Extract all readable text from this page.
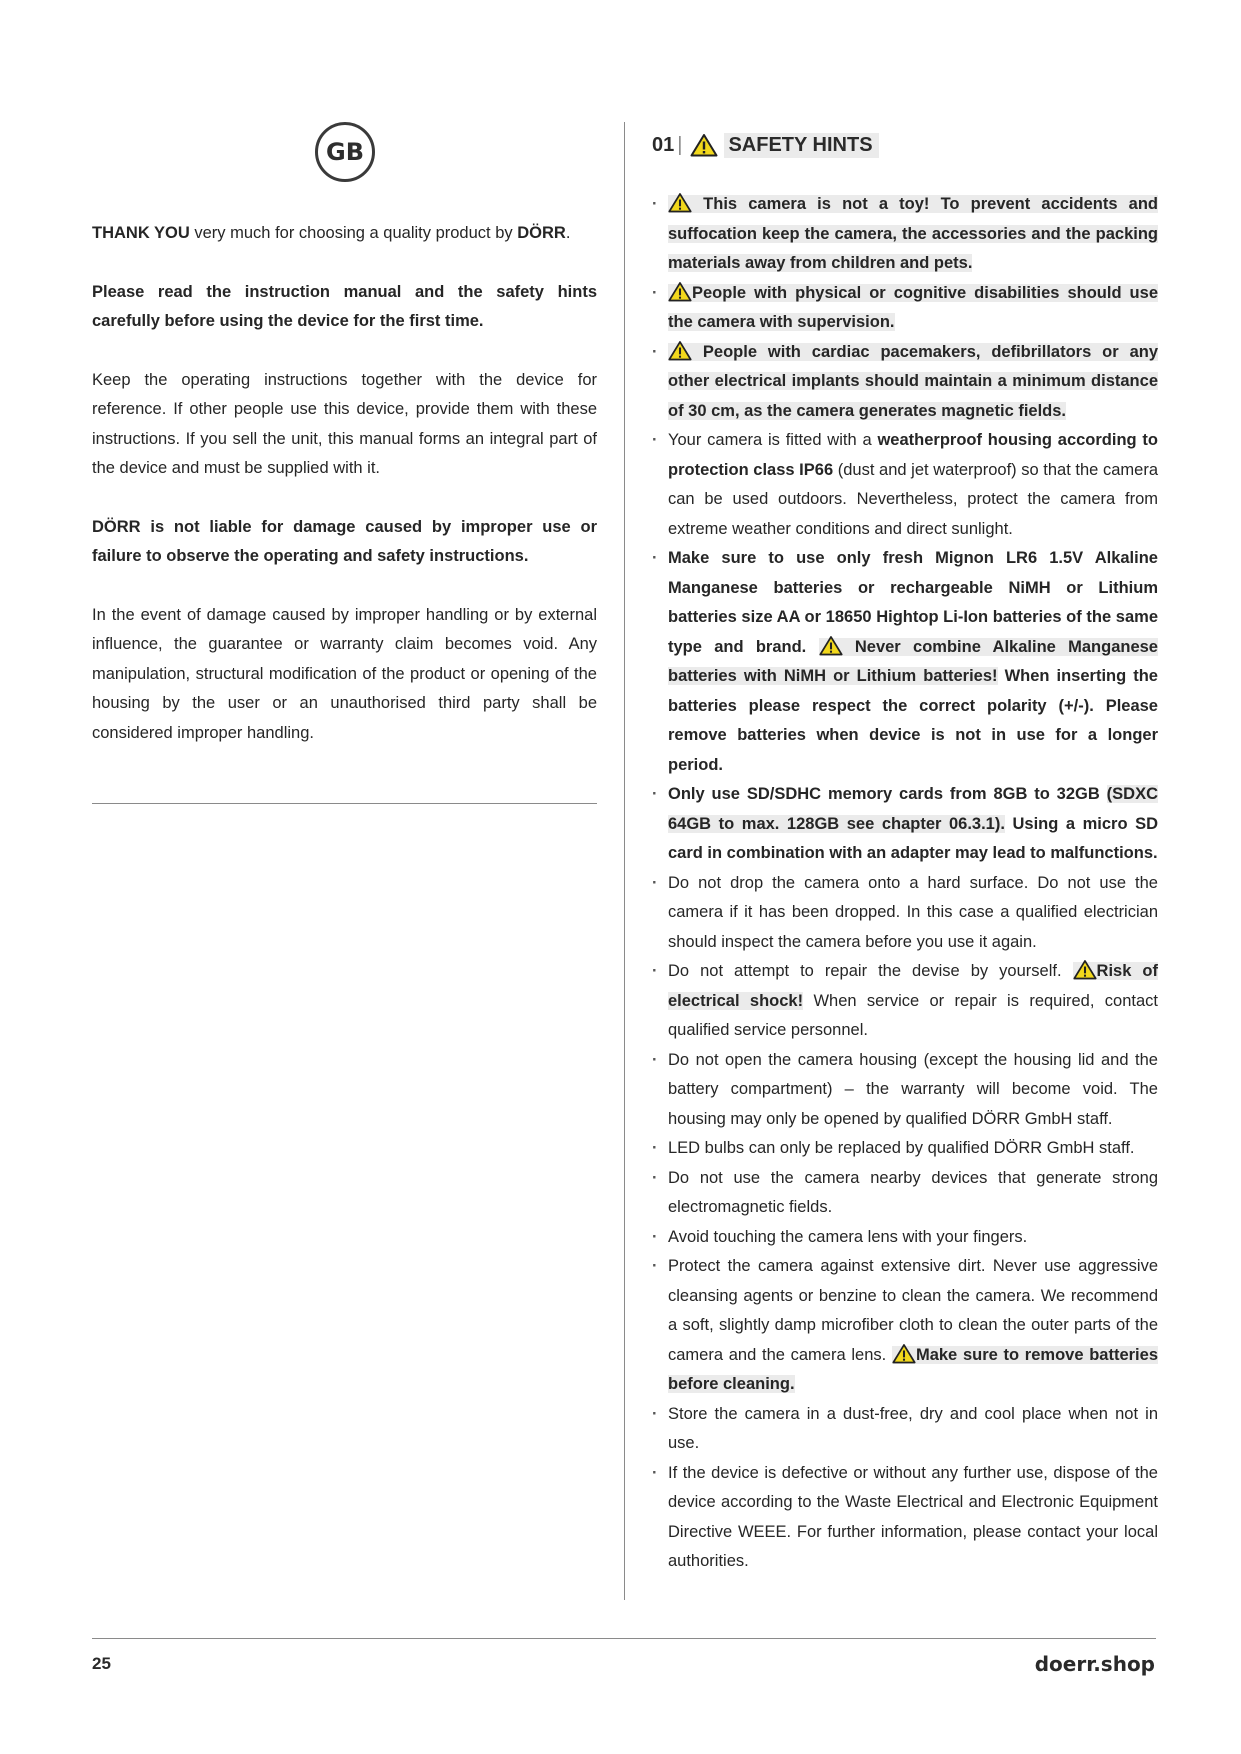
GB

THANK YOU very much for choosing a quality product by DÖRR.

Please read the instruction manual and the safety hints carefully before using the device for the first time.

Keep the operating instructions together with the device for reference. If other people use this device, provide them with these instructions. If you sell the unit, this manual forms an integral part of the device and must be supplied with it.

DÖRR is not liable for damage caused by improper use or failure to observe the operating and safety instructions.

In the event of damage caused by improper handling or by external influence, the guarantee or warranty claim becomes void. Any manipulation, structural modification of the product or opening of the housing by the user or an unauthorised third party shall be considered improper handling.

01 | SAFETY HINTS
·
This camera is not a toy! To prevent accidents and suffocation keep the camera, the accessories and the packing materials away from children and pets.
·
People with physical or cognitive disabilities should use the camera with supervision.
·
People with cardiac pacemakers, defibrillators or any other electrical implants should maintain a minimum distance of 30 cm, as the camera generates magnetic fields.
· Your camera is fitted with a weatherproof housing according to protection class IP66 (dust and jet waterproof) so that the camera can be used outdoors. Nevertheless, protect the camera from extreme weather conditions and direct sunlight.
· Make sure to use only fresh Mignon LR6 1.5V Alkaline Manganese batteries or rechargeable NiMH or Lithium batteries size AA or 18650 Hightop Li-Ion batteries of the same type and brand.
Never combine Alkaline Manganese batteries with NiMH or Lithium batteries! When inserting the batteries please respect the correct polarity (+/-). Please remove batteries when device is not in use for a longer period.
· Only use SD/SDHC memory cards from 8GB to 32GB (SDXC 64GB to max. 128GB see chapter 06.3.1). Using a micro SD card in combination with an adapter may lead to malfunctions.
· Do not drop the camera onto a hard surface. Do not use the camera if it has been dropped. In this case a qualified electrician should inspect the camera before you use it again.
· Do not attempt to repair the devise by yourself.
Risk of electrical shock! When service or repair is required, contact qualified service personnel.
· Do not open the camera housing (except the housing lid and the battery compartment) – the warranty will become void. The housing may only be opened by qualified DÖRR GmbH staff.
· LED bulbs can only be replaced by qualified DÖRR GmbH staff.
· Do not use the camera nearby devices that generate strong electromagnetic fields.
· Avoid touching the camera lens with your fingers.
· Protect the camera against extensive dirt. Never use aggressive cleansing agents or benzine to clean the camera. We recommend a soft, slightly damp microfiber cloth to clean the outer parts of the camera and the camera lens.
Make sure to remove batteries before cleaning.
· Store the camera in a dust-free, dry and cool place when not in use.
· If the device is defective or without any further use, dispose of the device according to the Waste Electrical and Electronic Equipment Directive WEEE. For further information, please contact your local authorities.
25	doerr.shop
